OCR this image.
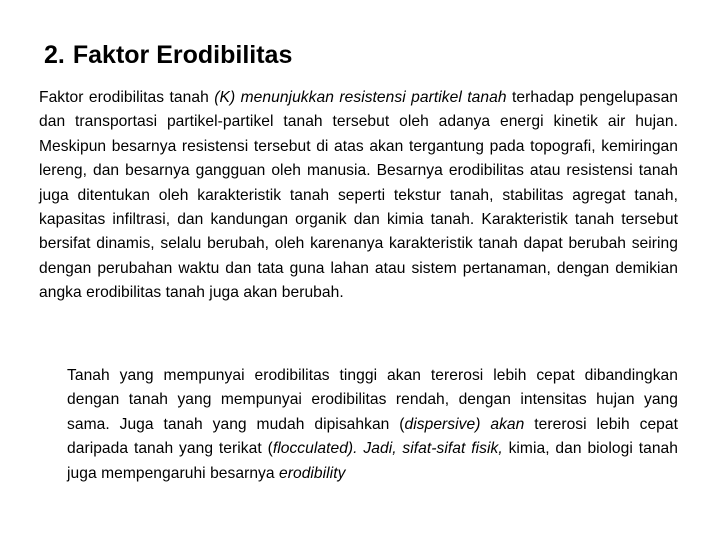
2. Faktor Erodibilitas

Faktor erodibilitas tanah (K) menunjukkan resistensi partikel tanah terhadap pengelupasan dan transportasi partikel-partikel tanah tersebut oleh adanya energi kinetik air hujan. Meskipun besarnya resistensi tersebut di atas akan tergantung pada topografi, kemiringan lereng, dan besarnya gangguan oleh manusia. Besarnya erodibilitas atau resistensi tanah juga ditentukan oleh karakteristik tanah seperti tekstur tanah, stabilitas agregat tanah, kapasitas infiltrasi, dan kandungan organik dan kimia tanah. Karakteristik tanah tersebut bersifat dinamis, selalu berubah, oleh karenanya karakteristik tanah dapat berubah seiring dengan perubahan waktu dan tata guna lahan atau sistem pertanaman, dengan demikian angka erodibilitas tanah juga akan berubah.

Tanah yang mempunyai erodibilitas tinggi akan tererosi lebih cepat dibandingkan dengan tanah yang mempunyai erodibilitas rendah, dengan intensitas hujan yang sama. Juga tanah yang mudah dipisahkan (dispersive) akan tererosi lebih cepat daripada tanah yang terikat (flocculated). Jadi, sifat-sifat fisik, kimia, dan biologi tanah juga mempengaruhi besarnya erodibility
